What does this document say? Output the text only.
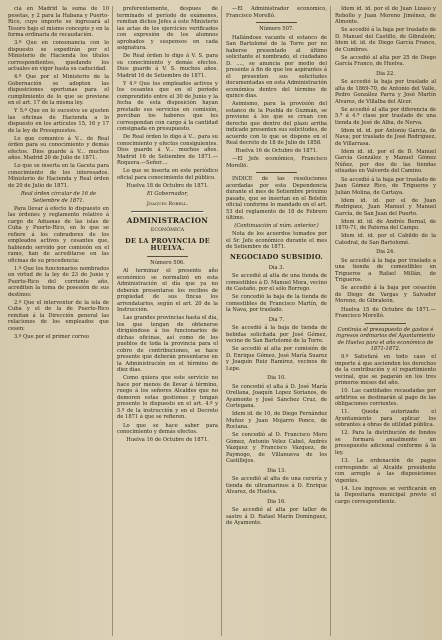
cía en Madrid la suma de 10 pesetas, y 2 para la Habana y Puerto-Rico, cuyo importe se ingresará al Tesoro bajo el mismo concepto y en la forma ordinaria de recaudación.

3.º Que en consonancia con lo dispuesto se expedirán por el Ministerio de Hacienda los títulos correspondientes, quedando los actuales en vigor hasta su caducidad.

4.º Que por el Ministerio de la Gobernación se adopten las disposiciones oportunas para el cumplimiento de lo que se previene en el art. 17 de la misma ley.

Y 5.º Que en lo sucesivo se ajusten las oficinas de Hacienda a lo dispuesto en los artículos 15, 16 y 17 de la ley de Presupuestos.

Lo que comunico á V... de Real órden para su conocimiento y demás efectos. Dios guarde á V... muchos años. Madrid 20 de Julio de 1871.

Lo que se inserta en la Gaceta para conocimiento de los interesados. Ministerio de Hacienda y Real órden de 20 de Julio de 1871.

Real órden circular de 16 de Setiembre de 1871.

Para llevar á efecto lo dispuesto en las órdenes y reglamento relativo á cargo de Aduanas de las islas de Cuba y Puerto-Rico, en lo que se refiere á los cobradores de los empleados activos y cesantes que, habiendo servido por comisión en el ramo, han de acreditarse en las oficinas de su procedencia:

1.º Que los funcionarios nombrados en virtud de la ley de 23 de Junio y Puerto-Rico del corriente año, acrediten la toma de posesión de sus destinos:

2.º Que el interventor de la isla de Cuba y el de la de Puerto-Rico remitan á la Dirección general las relaciones de los empleados que cesen:

3.º Que por el primer correo

preferentemente, despues de terminado el período de exámenes, remitan dichos Jefes á este Ministerio las actas de los ejercicios verificados con expresión de los alumnos aprobados y suspensos en cada asignatura.

De Real órden lo digo á V. S. para su conocimiento y demás efectos. Dios guarde á V. S. muchos años. Madrid 16 de Setiembre de 1871.

Y 4.º Que los empleados activos y los cesantes que en el período comprendido entre el 30 de Junio y la fecha de esta disposición hayan prestado sus servicios en comisión, perciban los haberes que les correspondan con cargo á la cantidad consignada en presupuesto.

De Real órden lo digo á V... para su conocimiento y efectos consiguientes. Dios guarde á V... muchos años. Madrid 16 de Setiembre de 1871.—Roquera.—Señor....

Lo que se inserta en este periódico oficial para conocimiento del público.

Huelva 18 de Octubre de 1871.

El Gobernador,
Joaquin Robell.
ADMINISTRACION
ECONÓMICA
DE LA PROVINCIA DE HUELVA.
Número 506.

Al terminar el presente año económico se normalizó en esta Administración el día que ya no deberán presentarse los recibos de propiedad de sus fincas los arrendatarios, según el art. 20 de la Instrucción.

Las grandes provincias hasta el día, los que tengan de obtenerse dirigiéndose á los funcionarios de dichas oficinas, así como de los pueblos de toda la provincia para el cobro de contribuciones, se hace presente que deberán presentarse en la Administración en el término de diez días.

Como quiera que este servicio no hace por menos de llevar á término, ruego á los señores Alcaldes que no demoren estas gestiones y tengan presente lo dispuesto en el art. 4.º y 5.º de la instrucción y en el Decreto de 1871 á que se refieren.

Lo que se hace saber para conocimiento y demás efectos.

Huelva 16 de Octubre de 1871.

—El Administrador económico, Francisco Morelló.

Número 507.

Hallándose vacante el estanco de San Bartolomé de la Torre por no haberse presentado al último solicitante el nombrado, el ciudadano D. ...., se anuncia por medio del presente á fin de que los aspirantes á él presenten sus solicitudes documentadas en esta Administración económica dentro del término de quince días.

Asimismo, para la provisión del estanco de la Puebla de Guzmán, se previene á los que se crean con derecho que dentro del plazo arriba indicado presenten sus solicitudes, de acuerdo con lo que se dispone en el Real decreto de 18 de Julio de 1858.

Huelva 16 de Octubre de 1871.

—El Jefe económico, Francisco Morelló.

INDICE de las resoluciones acordadas por esta Dependencia durante el mes de Setiembre próximo pasado, que se insertan en el Boletín oficial conforme lo mandado en el art. 53 del reglamento de 18 de Febrero último.

(Continuación al núm. anterior.)

Nota de los acuerdos tomados por el Sr. Jefe económico durante el mes de Setiembre de 1871.

NEGOCIADO SUBSIDIO.
Dia 3.

Se accedió al alta de una tienda de comestibles á D. Manuel Mora, vecino de Castaño, por el sólo Borrego.

Se concedió la baja de la tienda de comestibles de Francisco Martín, de la Nava, por traslado.

Dia 7.

Se accedió á la baja de tienda de bebidas solicitada por José Gómez, vecino de San Bartolomé de la Torre.

Se accedió al alta por comisión de D. Enrique Gómez, José María Suarez y Joaquín Ruiz Ramírez, vecinos de Lepe.

Dia 10.

Se concedió el alta á D. José María Orellana, Joaquín Lopez Sorianos, de Ayamonte y José Sánchez Cruz, de Cortegana.

Idem id. de 10, de Diego Fernández Muñoz y Juan Mojarro Ponce, de Rociana.

Se concedió al D. Francisco Moro Gómez, Antonio Velez Cabel, Andrés Vázquez y Francisco Vázquez, de Paymogo, de Villanueva de los Castillejos.

Dia 13.

Se accedió al alta de una cerería y tienda de ultramarinos á D. Enrique Alvarez, de Huelva.

Dia 16.

Se accedió al alta por taller de sastre á D. Rafael Marín Domínguez, de Ayamonte.

Idem id. id. por el de Juan Lizaso y Rebollo y Juan Moreno Jiménez, de Almonte.

Se accedió á la baja por traslado de D. Manuel del Castillo, de Gibraleón; Idem id. id. de Diego García Franco, de Cumbres.

Se accedió al alta por 25 de Diego García Franco, de Huelva.

Dia 22.

Se accedió la baja por traslado al alta de 1869-70, de Antonio del Valle, Pedro González Parra y José Martín Alvarez, de Villalba del Alcor.

Se accedió al alta por diferencia de 5.ª á 4.ª clase por traslado de una tienda de José de Alba, de Nerva.

Idem id. id. por Antonio García, de Nava; por traslado de José Rodriguez, de Villarrasa.

Idem id. id. por el de D. Manuel García González y Manuel Gómez Núñez, por dos de las tiendas situadas en Valverde del Camino.

Se accedió á la baja por traslado de Juan Gómez Rico, de Trigueros y Julián Molina, de Cartaya.

Idem id. id. por el de Juan Rodriguez, Juan Manuel y Manuel García, de San Juan del Puerto.

Idem id. id. de Andrés Bernal, de 1870-71, de Paterna del Campo.

Idem id. id. por el Cabildo de la Catedral, de San Bartolomé.

Dia 24.

Se accedió á la baja por traslado a una tienda de comestibles en Trigueros a Rafael Millán, de Trigueros.

Se accedió á la baja por cesación de Diego de Vargas y Salvador Moreno, de Gibraleón.

Huelva 15 de Octubre de 1871.—Francisco Morelló.

Continúa el presupuesto de gastos é ingresos ordinarios del Ayuntamiento de Huelva para el año económico de 1871-1872.

9.º Satisfará en todo caso el importe á que ascienden los derechos de la contribución y el repartimiento vecinal, que se pagarán en los tres primeros meses del año.

10. Las cantidades recaudadas por arbitrios se destinarán al pago de las obligaciones corrientes.

11. Queda autorizado el Ayuntamiento para aplicar los sobrantes á obras de utilidad pública.

12. Para la distribución de fondos se formará anualmente un presupuesto adicional conforme á la ley.

13. La ordenación de pagos corresponde al Alcalde presidente con arreglo á las disposiciones vigentes.

14. Los ingresos se verificarán en la Depositaría municipal previo el cargo correspondiente.
